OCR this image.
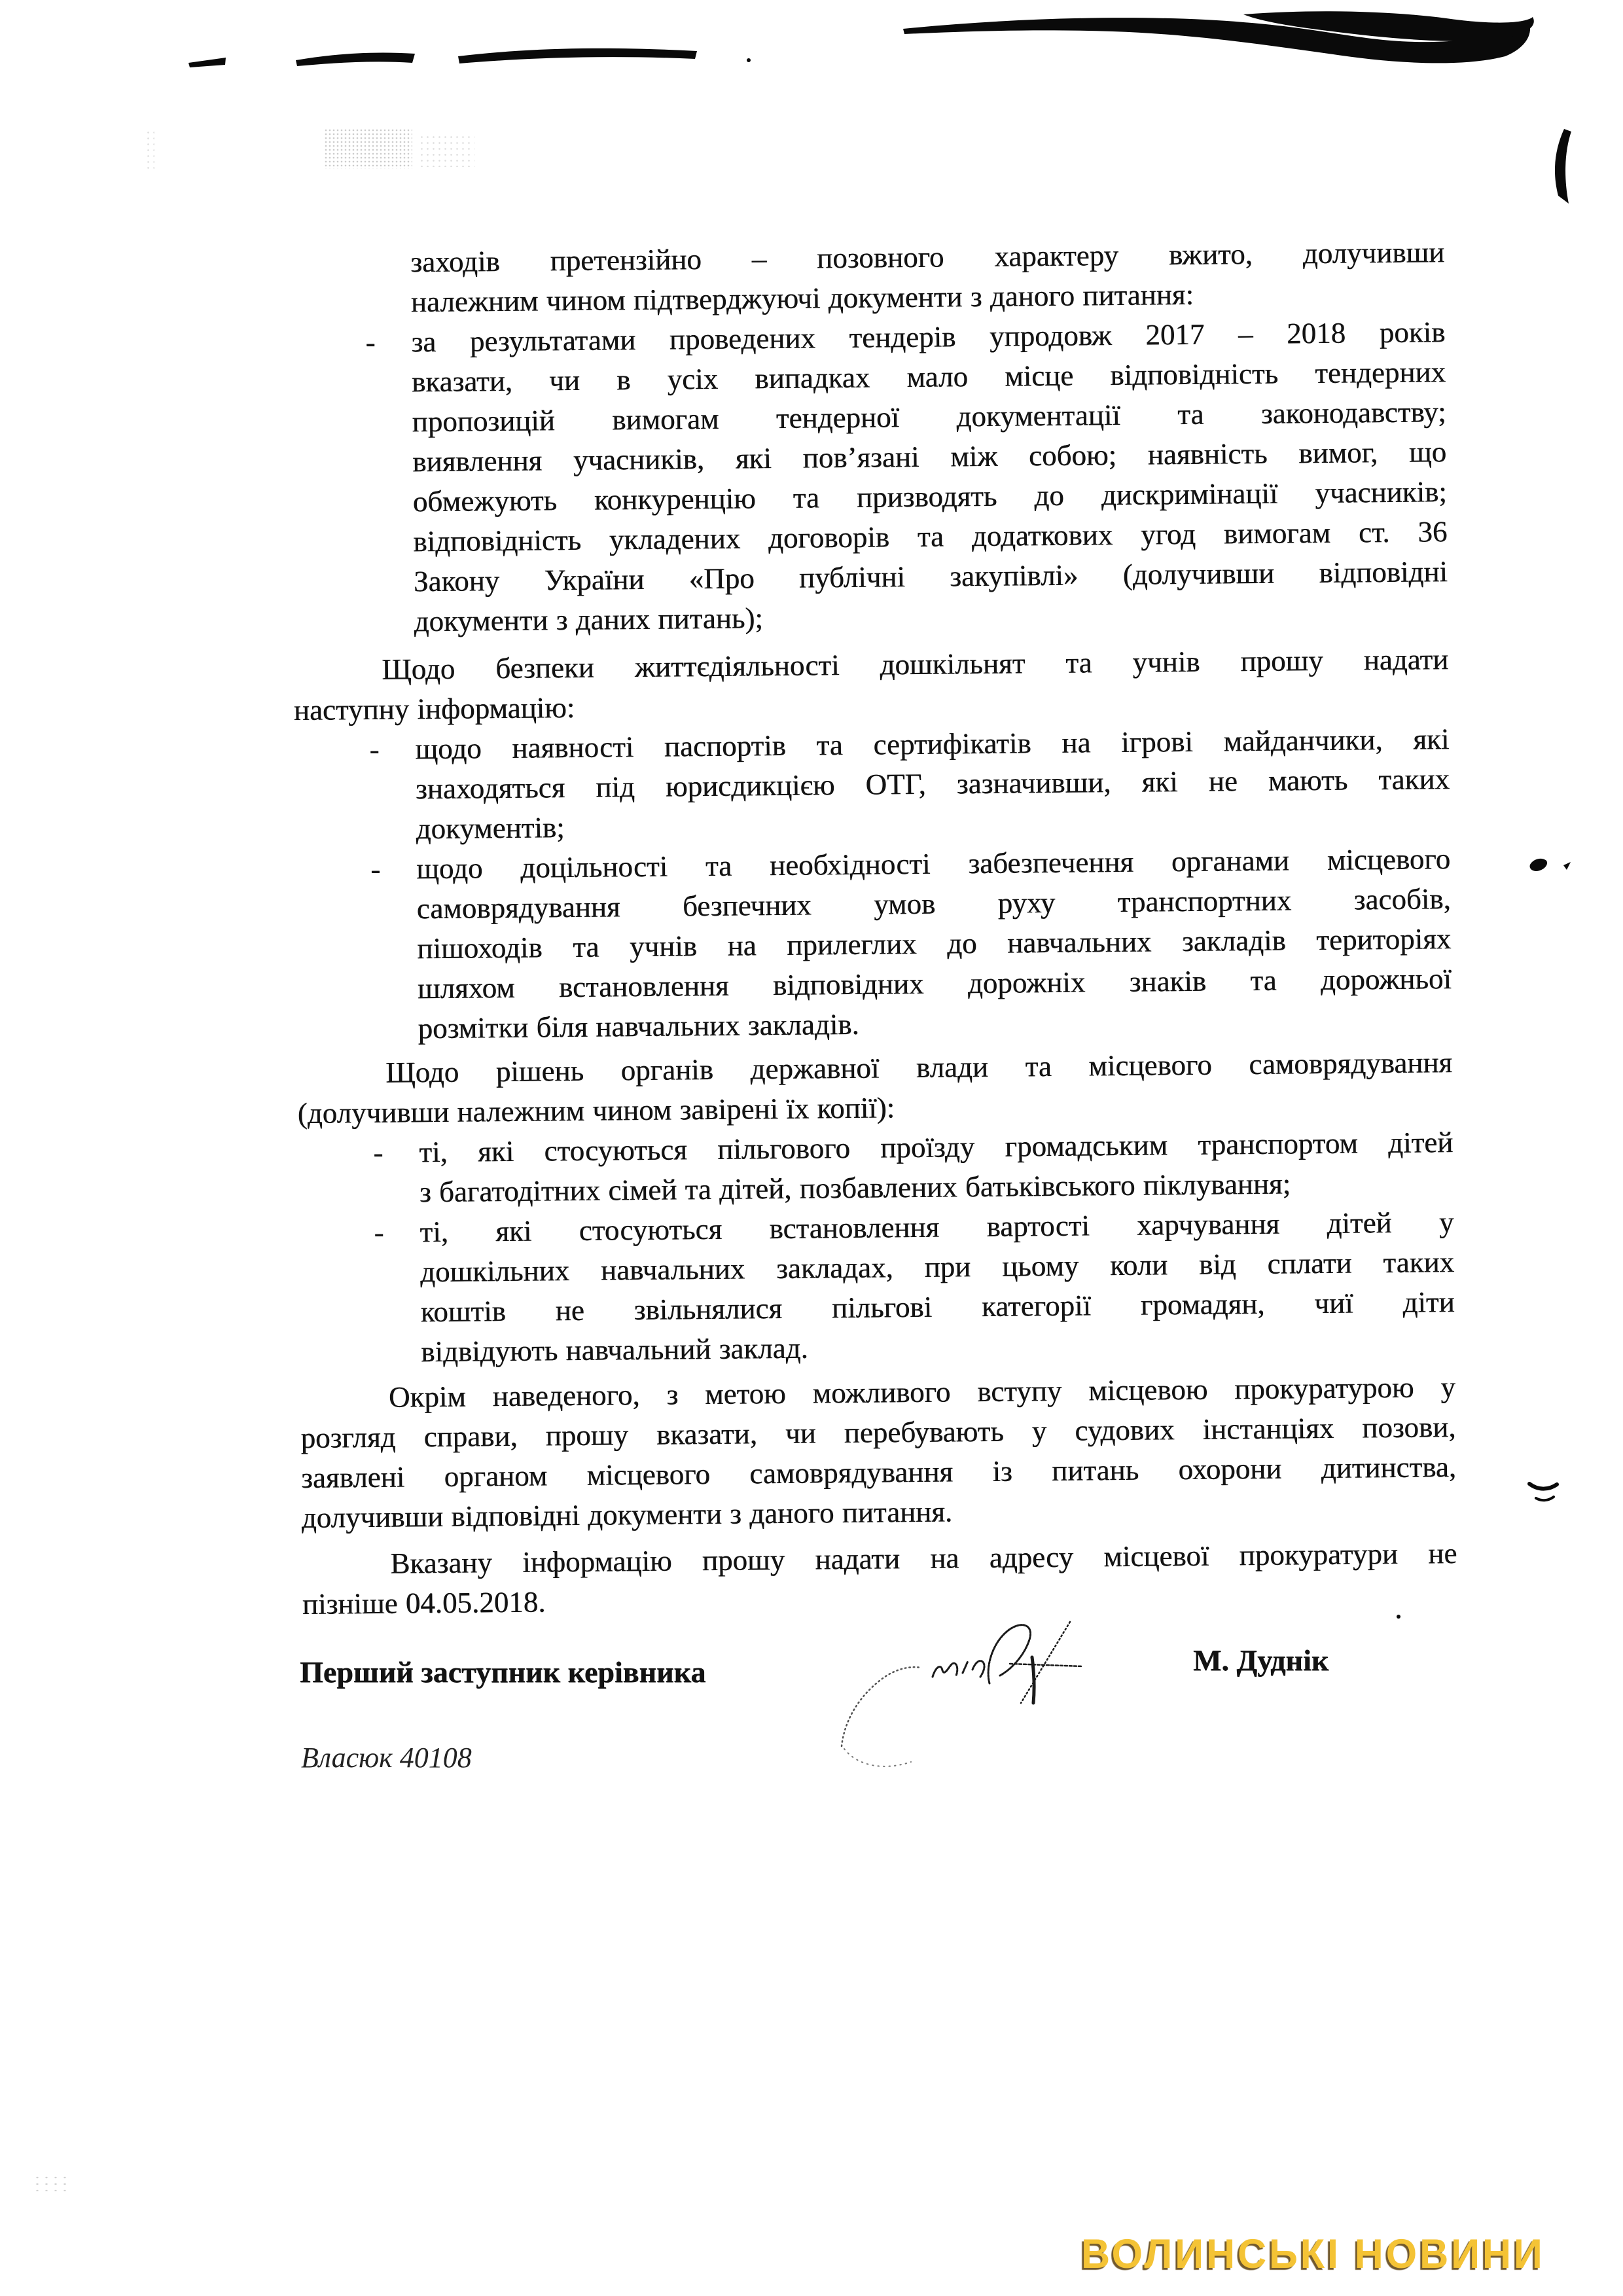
заходів претензійно – позовного характеру вжито, долучивши
належним чином підтверджуючі документи з даного питання:
- за результатами проведених тендерів упродовж 2017 – 2018 років
вказати, чи в усіх випадках мало місце відповідність тендерних
пропозицій вимогам тендерної документації та законодавству;
виявлення учасників, які пов’язані між собою; наявність вимог, що
обмежують конкуренцію та призводять до дискримінації учасників;
відповідність укладених договорів та додаткових угод вимогам ст. 36
Закону України «Про публічні закупівлі» (долучивши відповідні
документи з даних питань);
Щодо безпеки життєдіяльності дошкільнят та учнів прошу надати
наступну інформацію:
- щодо наявності паспортів та сертифікатів на ігрові майданчики, які
знаходяться під юрисдикцією ОТГ, зазначивши, які не мають таких
документів;
- щодо доцільності та необхідності забезпечення органами місцевого
самоврядування безпечних умов руху транспортних засобів,
пішоходів та учнів на прилеглих до навчальних закладів територіях
шляхом встановлення відповідних дорожніх знаків та дорожньої
розмітки біля навчальних закладів.
Щодо рішень органів державної влади та місцевого самоврядування
(долучивши належним чином завірені їх копії):
- ті, які стосуються пільгового проїзду громадським транспортом дітей
з багатодітних сімей та дітей, позбавлених батьківського піклування;
- ті, які стосуються встановлення вартості харчування дітей у
дошкільних навчальних закладах, при цьому коли від сплати таких
коштів не звільнялися пільгові категорії громадян, чиї діти
відвідують навчальний заклад.
Окрім наведеного, з метою можливого вступу місцевою прокуратурою у
розгляд справи, прошу вказати, чи перебувають у судових інстанціях позови,
заявлені органом місцевого самоврядування із питань охорони дитинства,
долучивши відповідні документи з даного питання.
Вказану інформацію прошу надати на адресу місцевої прокуратури не
пізніше 04.05.2018.
Перший заступник керівника	М. Дуднік
Власюк 40108
ВОЛИНСЬКІ НОВИНИ
